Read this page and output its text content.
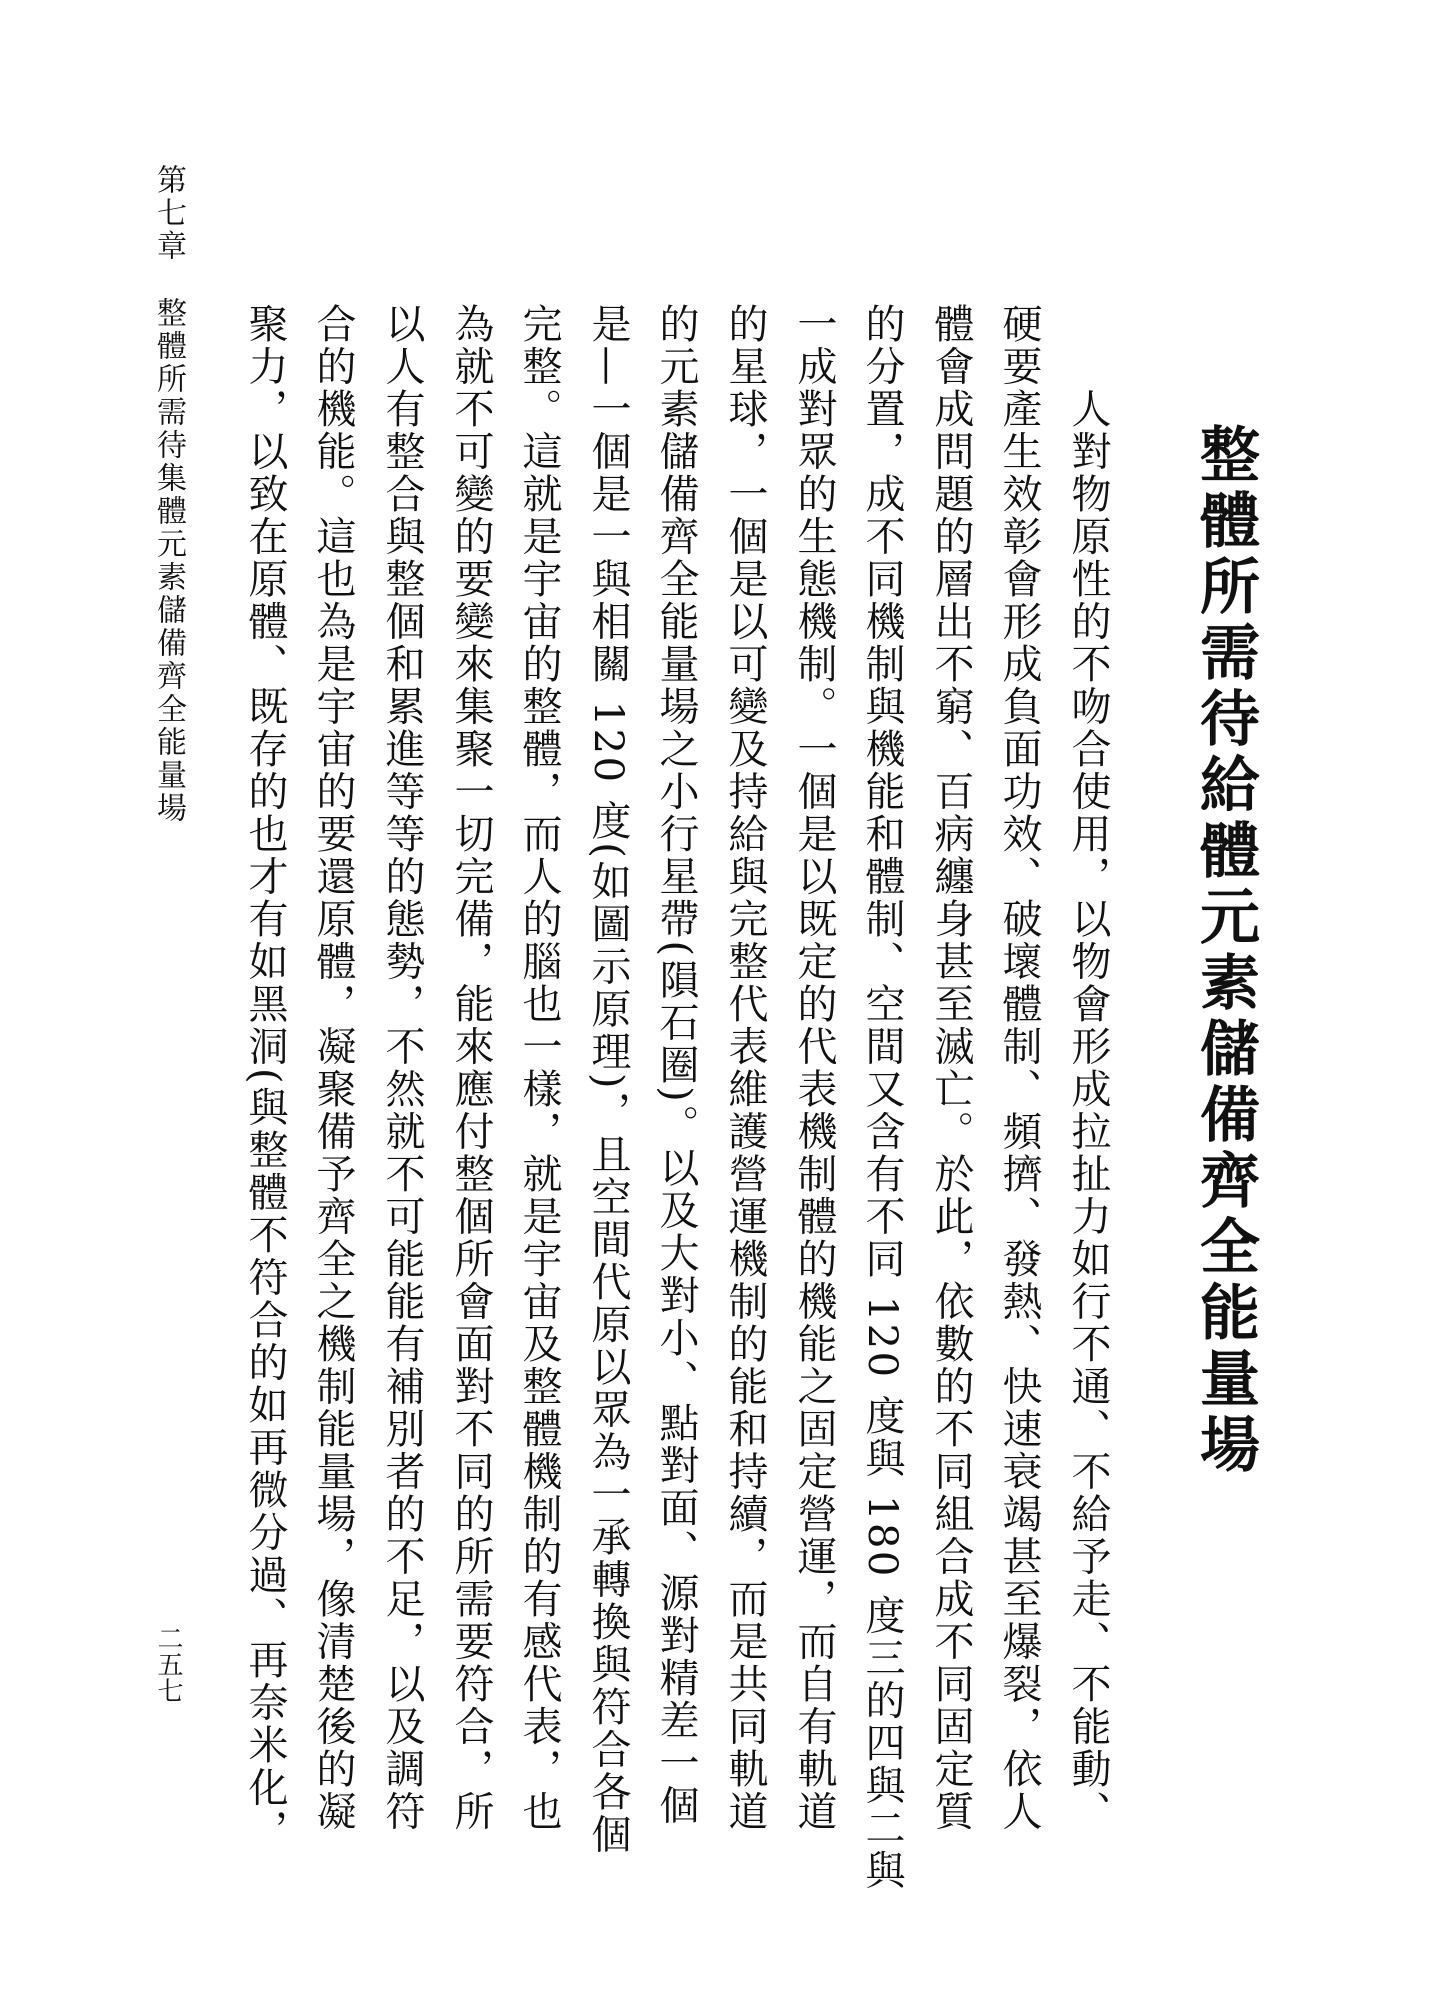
第七章
整體所需待集體元素儲備齊全能量場	整體所需待給體元素儲備齊全能量場

人對物原性的不吻合使用，以物會形成拉扯力如行不通、不給予走、不能動、

硬要產生效彰會形成負面功效、破壞體制、頻擠、發熱、快速衰竭甚至爆裂，依人

體會成問題的層出不窮、百病纏身甚至滅亡。於此，依數的不同組合成不同固定質

的分置，成不同機制與機能和體制、空間又含有不同 120 度與 180 度三的四與二與

一成對眾的生態機制。一個是以既定的代表機制體的機能之固定營運，而自有軌道

的星球，一個是以可變及持給與完整代表維護營運機制的能和持續，而是共同軌道

的元素儲備齊全能量場之小行星帶(隕石圈)。以及大對小、點對面、源對精差一個

是—一個是一與相關 120 度(如圖示原理)，且空間代原以眾為一承轉換與符合各個

完整。這就是宇宙的整體，而人的腦也一樣，就是宇宙及整體機制的有感代表，也

為就不可變的要變來集聚一切完備，能來應付整個所會面對不同的所需要符合，所

以人有整合與整個和累進等等的態勢，不然就不可能能有補別者的不足，以及調符

合的機能。這也為是宇宙的要還原體，凝聚備予齊全之機制能量場，像清楚後的凝

聚力，以致在原體、既存的也才有如黑洞(與整體不符合的如再微分過、再奈米化，

二五七
